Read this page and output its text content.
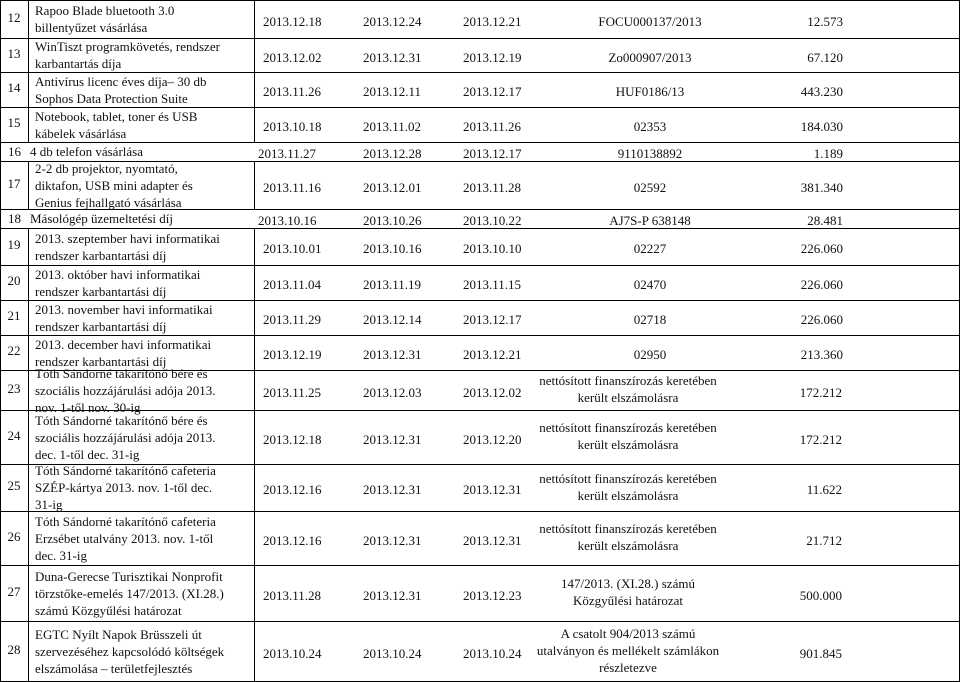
12	Rapoo Blade bluetooth 3.0
billentyűzet vásárlása	2013.12.18	2013.12.24	2013.12.21	FOCU000137/2013	12.573
13	WinTiszt programkövetés, rendszer
karbantartás díja	2013.12.02	2013.12.31	2013.12.19	Zo000907/2013	67.120
14	Antivírus licenc éves díja– 30 db
Sophos Data Protection Suite	2013.11.26	2013.12.11	2013.12.17	HUF0186/13	443.230
15	Notebook, tablet, toner és USB
kábelek vásárlása	2013.10.18	2013.11.02	2013.11.26	02353	184.030
16 4 db telefon vásárlása	2013.11.27	2013.12.28	2013.12.17	9110138892	1.189
17
2-2 db projektor, nyomtató,
diktafon, USB mini adapter és
Genius fejhallgató vásárlása
2013.11.16	2013.12.01	2013.11.28	02592	381.340
18 Másológép üzemeltetési díj	2013.10.16	2013.10.26	2013.10.22	AJ7S-P 638148	28.481
19	2013. szeptember havi informatikai
rendszer karbantartási díj	2013.10.01	2013.10.16	2013.10.10	02227	226.060
20	2013. október havi informatikai
rendszer karbantartási díj	2013.11.04	2013.11.19	2013.11.15	02470	226.060
21	2013. november havi informatikai
rendszer karbantartási díj	2013.11.29	2013.12.14	2013.12.17	02718	226.060
22	2013. december havi informatikai
rendszer karbantartási díj	2013.12.19	2013.12.31	2013.12.21	02950	213.360
23
Tóth Sándorné takarítónő bére és
szociális hozzájárulási adója 2013.
nov. 1-től nov. 30-ig
2013.11.25	2013.12.03	2013.12.02
nettósított finanszírozás keretében
került elszámolásra	172.212
24
Tóth Sándorné takarítónő bére és
szociális hozzájárulási adója 2013.
dec. 1-től dec. 31-ig
2013.12.18	2013.12.31	2013.12.20
nettósított finanszírozás keretében
került elszámolásra	172.212
25
Tóth Sándorné takarítónő cafeteria
SZÉP-kártya 2013. nov. 1-től dec.
31-ig
2013.12.16	2013.12.31	2013.12.31
nettósított finanszírozás keretében
került elszámolásra	11.622
26
Tóth Sándorné takarítónő cafeteria
Erzsébet utalvány 2013. nov. 1-től
dec. 31-ig
2013.12.16	2013.12.31	2013.12.31
nettósított finanszírozás keretében
került elszámolásra	21.712
27
Duna-Gerecse Turisztikai Nonprofit
törzstőke-emelés 147/2013. (XI.28.)
számú Közgyűlési határozat
2013.11.28	2013.12.31	2013.12.23
147/2013. (XI.28.) számú
Közgyűlési határozat	500.000
28
EGTC Nyílt Napok Brüsszeli út
szervezéséhez kapcsolódó költségek
elszámolása – területfejlesztés
2013.10.24	2013.10.24	2013.10.24
A csatolt 904/2013 számú
utalványon és mellékelt számlákon
részletezve
901.845
